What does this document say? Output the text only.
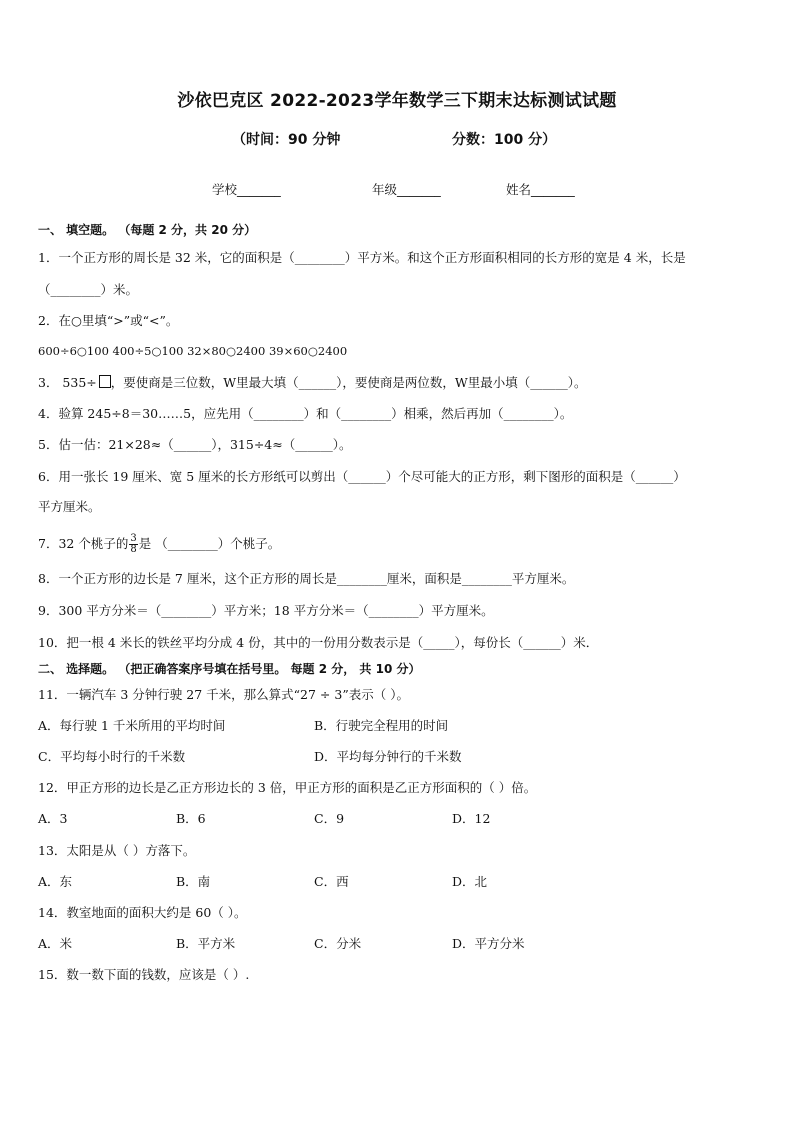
沙依巴克区 2022-2023学年数学三下期末达标测试试题
（时间：90 分钟	分数：100 分）
学校_______	年级_______	姓名_______
一、 填空题。 （每题 2 分，共 20 分）
1．一个正方形的周长是 32 米，它的面积是（________）平方米。和这个正方形面积相同的长方形的宽是 4 米，长是
（________）米。
2．在○里填“>”或“<”。
600÷6○100 400÷5○100 32×80○2400 39×60○2400
3． 535÷ ，要使商是三位数，W里最大填（______），要使商是两位数，W里最小填（______）。
4．验算 245÷8＝30……5，应先用（________）和（________）相乘，然后再加（________）。
5．估一估：21×28≈（______），315÷4≈（______）。
6．用一张长 19 厘米、宽 5 厘米的长方形纸可以剪出（______）个尽可能大的正方形，剩下图形的面积是（______）
平方厘米。
7．32 个桃子的 $\frac{3}{8}$ 是 （________）个桃子。
8．一个正方形的边长是 7 厘米，这个正方形的周长是________厘米，面积是________平方厘米。
9．300 平方分米＝（________）平方米；18 平方分米＝（________）平方厘米。
10．把一根 4 米长的铁丝平均分成 4 份，其中的一份用分数表示是（_____），每份长（______）米．
二、 选择题。 （把正确答案序号填在括号里。 每题 2 分， 共 10 分）
11．一辆汽车 3 分钟行驶 27 千米，那么算式“27 ÷ 3”表示（ ）。
A．每行驶 1 千米所用的平均时间	B．行驶完全程用的时间
C．平均每小时行的千米数	D．平均每分钟行的千米数
12．甲正方形的边长是乙正方形边长的 3 倍，甲正方形的面积是乙正方形面积的（ ）倍。
A．3	B．6	C．9	D．12
13．太阳是从（ ）方落下。
A．东	B．南	C．西	D．北
14．教室地面的面积大约是 60（ ）。
A．米	B．平方米	C．分米	D．平方分米
15．数一数下面的钱数，应该是（ ）.
